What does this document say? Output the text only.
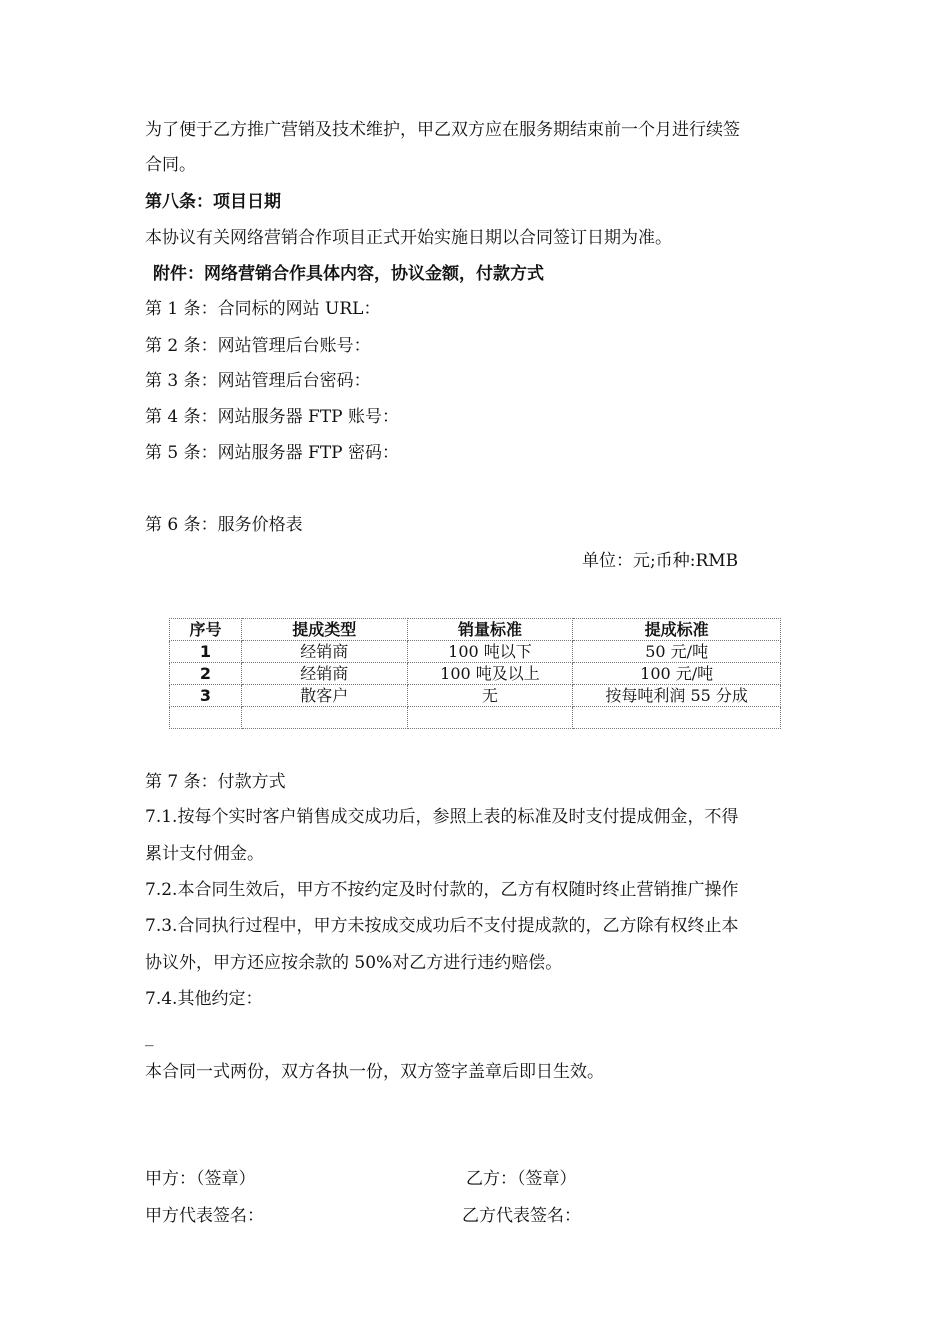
为了便于乙方推广营销及技术维护，甲乙双方应在服务期结束前一个月进行续签
合同。
第八条：项目日期
本协议有关网络营销合作项目正式开始实施日期以合同签订日期为准。
附件：网络营销合作具体内容，协议金额，付款方式
第 1 条：合同标的网站 URL：
第 2 条：网站管理后台账号：
第 3 条：网站管理后台密码：
第 4 条：网站服务器 FTP 账号：
第 5 条：网站服务器 FTP 密码：
第 6 条：服务价格表
单位：元;币种:RMB
序号	提成类型	销量标准	提成标准
1	经销商	100 吨以下	50 元/吨
2	经销商	100 吨及以上	100 元/吨
3	散客户	无	按每吨利润 55 分成

第 7 条：付款方式
7.1.按每个实时客户销售成交成功后，参照上表的标准及时支付提成佣金，不得
累计支付佣金。
7.2.本合同生效后，甲方不按约定及时付款的，乙方有权随时终止营销推广操作
7.3.合同执行过程中，甲方未按成交成功后不支付提成款的，乙方除有权终止本
协议外，甲方还应按余款的 50%对乙方进行违约赔偿。
7.4.其他约定：
_
本合同一式两份，双方各执一份，双方签字盖章后即日生效。
甲方：（签章）	乙方：（签章）
甲方代表签名：	乙方代表签名：
